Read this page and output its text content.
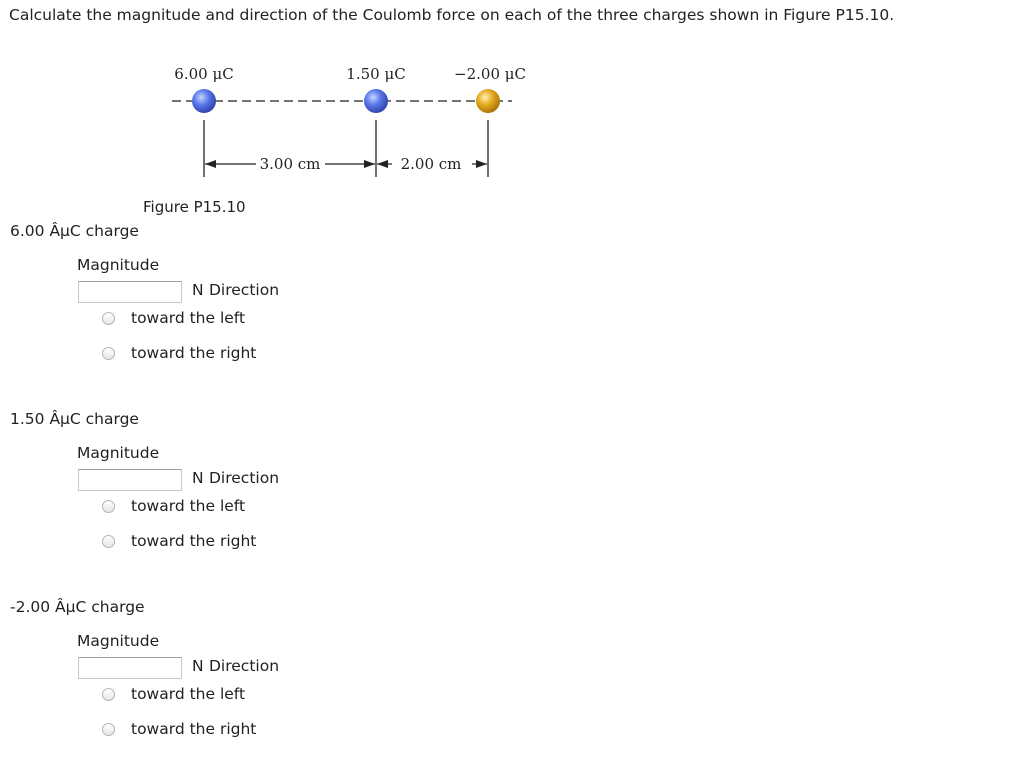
Calculate the magnitude and direction of the Coulomb force on each of the three charges shown in Figure P15.10.
6.00 μC	1.50 μC	−2.00 μC
3.00 cm	2.00 cm
Figure P15.10
6.00 ÂµC charge
Magnitude
N Direction
toward the left
toward the right
1.50 ÂµC charge
Magnitude
N Direction
toward the left
toward the right
-2.00 ÂµC charge
Magnitude
N Direction
toward the left
toward the right
